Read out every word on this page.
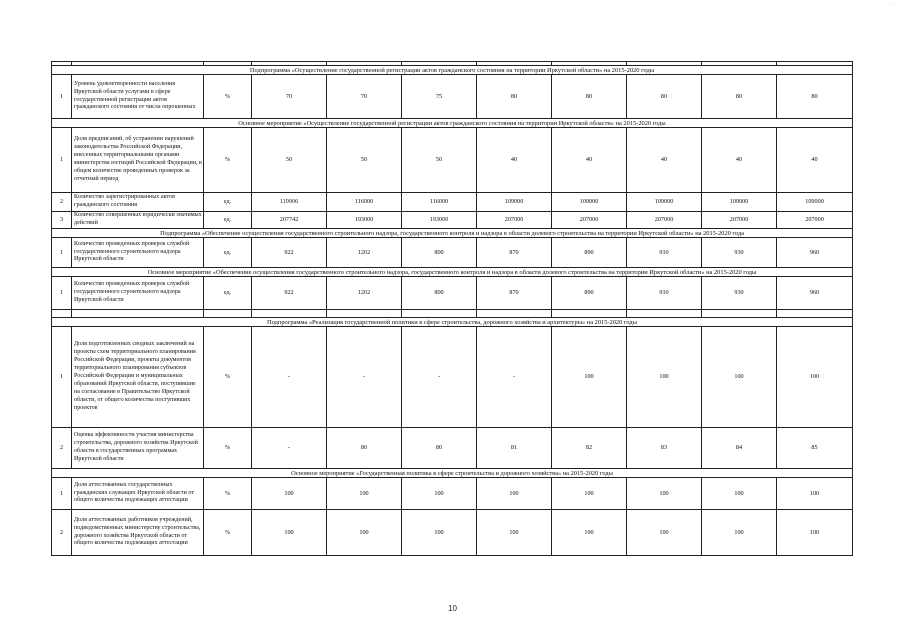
Подпрограмма «Осуществление государственной регистрации актов гражданского состояния на территории Иркутской области» на 2015-2020 годы										
1	Уровень удовлетворенности населения Иркутской области услугами в сфере государственной регистрации актов гражданского состояния от числа опрошенных	%	70	70	75	80	80	80	80	80
Основное мероприятие «Осуществление государственной регистрации актов гражданского состояния на территории Иркутской области» на 2015-2020 годы										
1	Доля предписаний, об устранении нарушений законодательства Российской Федерации, внесенных территориальными органами министерства юстиций Российской Федерации, в общем количестве проведенных проверок за отчетный период	%	50	50	50	40	40	40	40	40
2	Количество зарегистрированных актов гражданского состояния	ед.	119906	116000	116000	109000	109000	109000	109000	109000
3	Количество совершенных юридически значимых действий	ед.	207742	193000	193000	207000	207000	207000	207000	207000
Подпрограмма «Обеспечение осуществления государственного строительного надзора, государственного контроля и надзора в области долевого строительства на территории Иркутской области» на 2015-2020 года										
1	Количество проведенных проверок службой государственного строительного надзора Иркутской области	ед.	922	1202	800	870	890	910	930	960
Основное мероприятие «Обеспечение осуществления государственного строительного надзора, государственного контроля и надзора в области долевого строительства на территории Иркутской области» на 2015-2020 годы										
1	Количество проведенных проверок службой государственного строительного надзора Иркутской области	ед.	922	1202	800	870	890	910	930	960

Подпрограмма «Реализация государственной политики в сфере строительства, дорожного хозяйства и архитектуры» на 2015-2020 годы										
1	Доля подготовленных сводных заключений на проекты схем территориального планирования Российской Федерации, проекты документов территориального планирования субъектов Российской Федерации и муниципальных образований Иркутской области, поступившие на согласование в Правительство Иркутской области, от общего количества поступивших проектов	%	-	-	-	-	100	100	100	100
2	Оценка эффективности участия министерства строительства, дорожного хозяйства Иркутской области в государственных программах Иркутской области	%	-	80	80	81	82	83	84	85
Основное мероприятие «Государственная политика в сфере строительства и дорожного хозяйства» на 2015-2020 годы										
1	Доля аттестованных государственных гражданских служащих Иркутской области от общего количества подлежащих аттестации	%	100	100	100	100	100	100	100	100
2	Доля аттестованных работников учреждений, подведомственных министерству строительства, дорожного хозяйства Иркутской области от общего количества подлежащих аттестации	%	100	100	100	100	100	100	100	100
10
·· ·······
